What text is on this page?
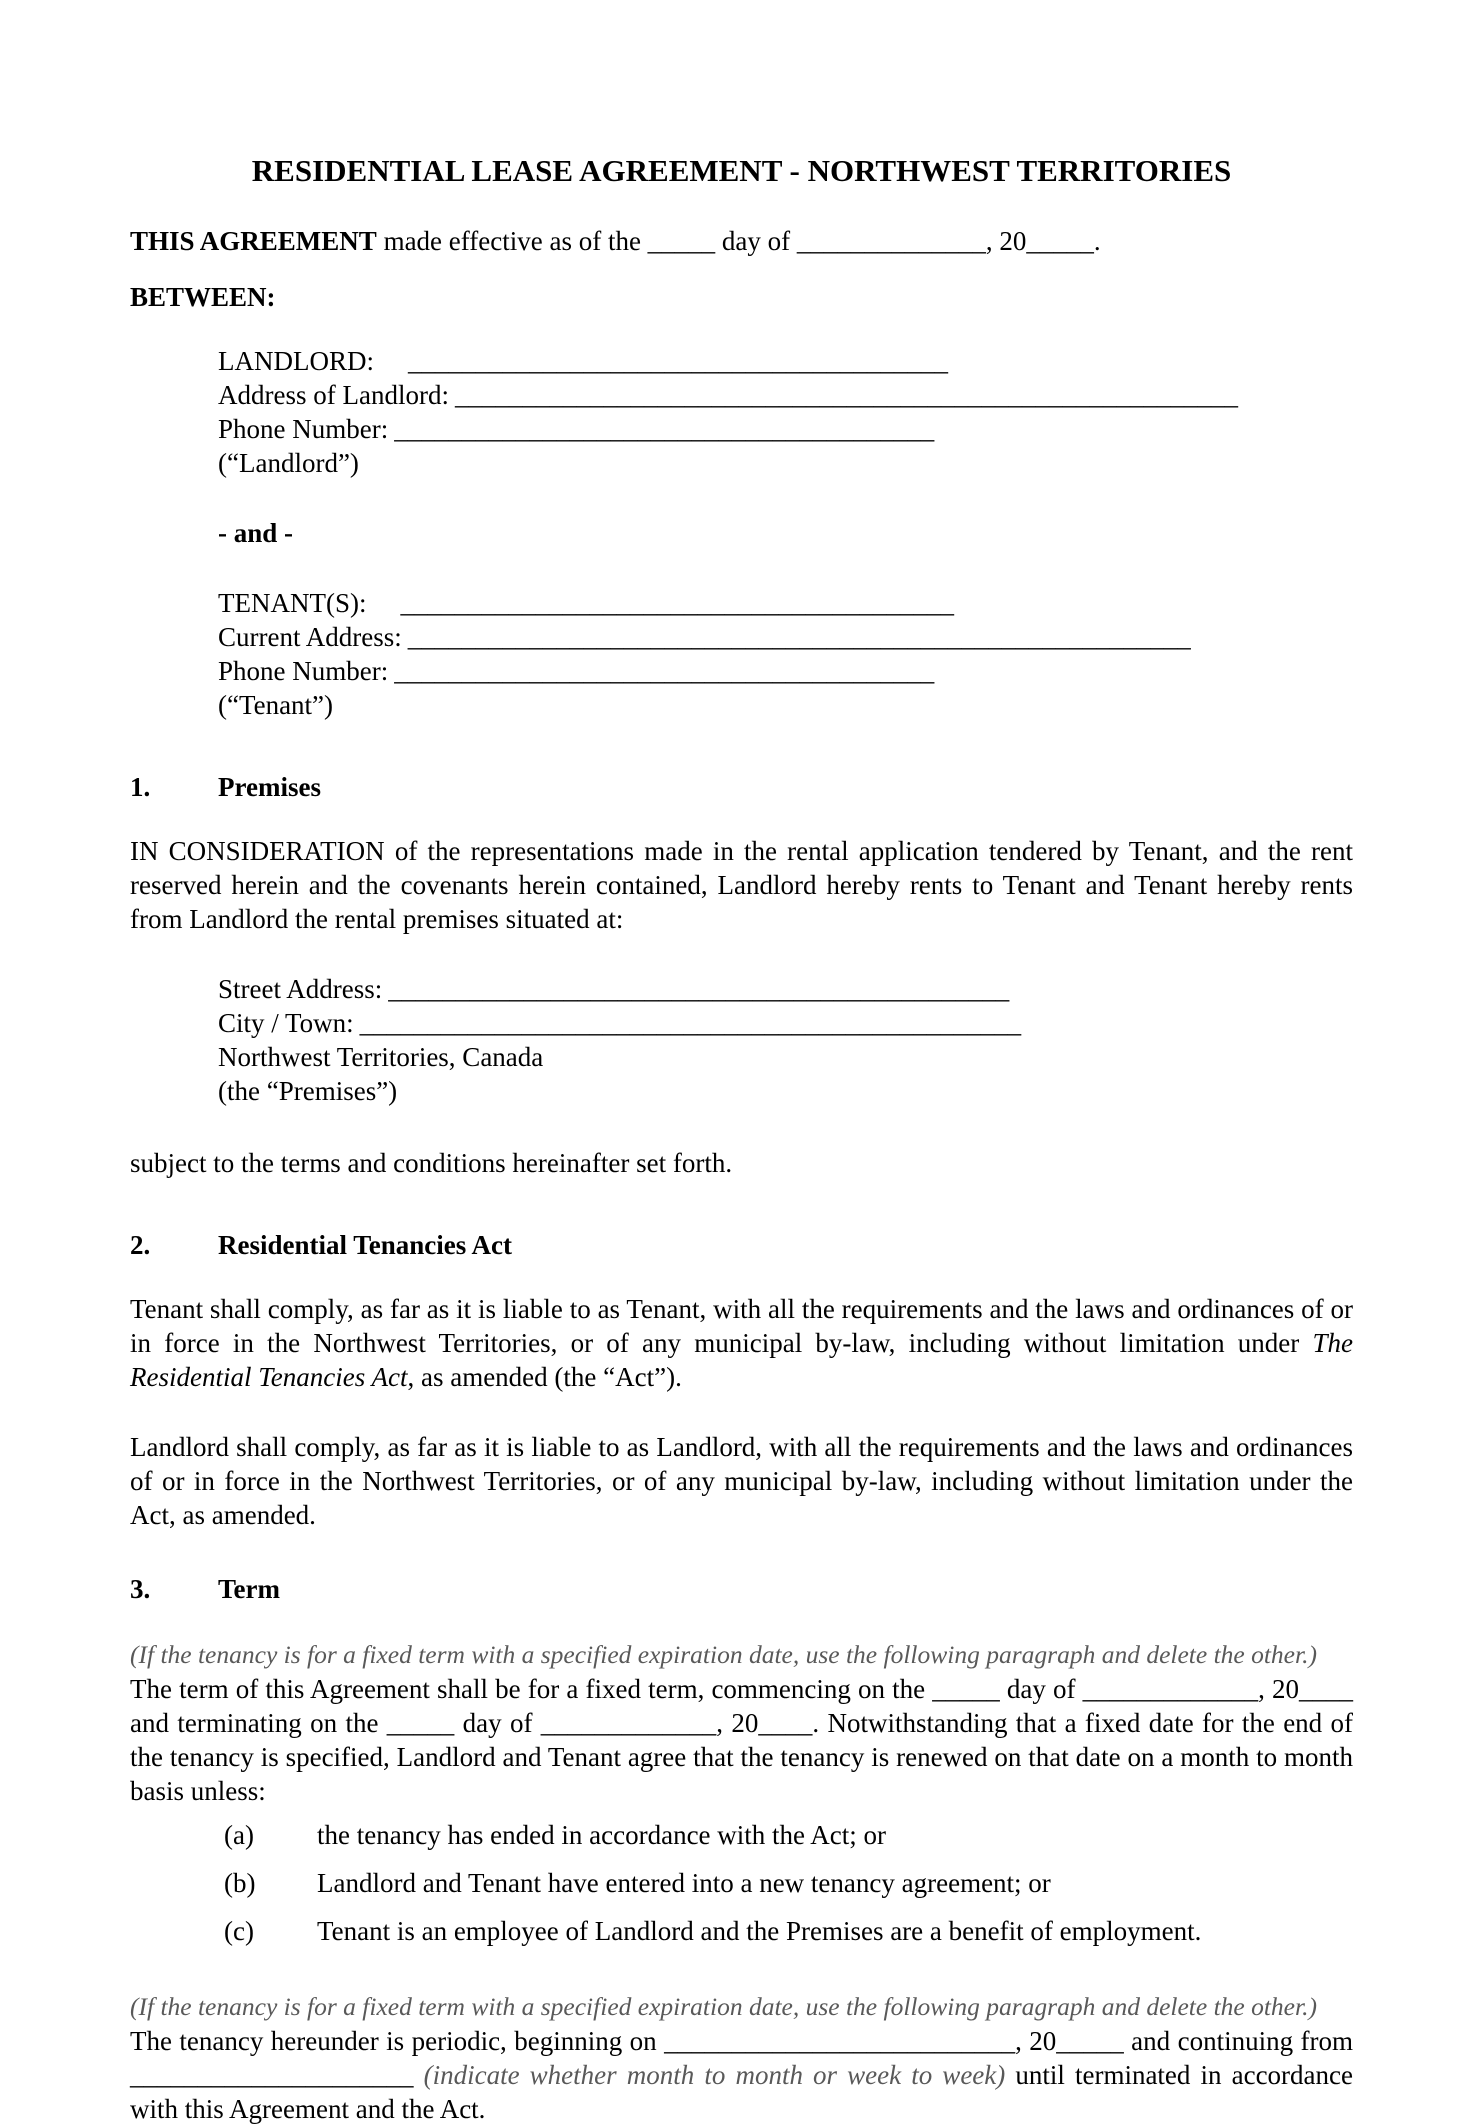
RESIDENTIAL LEASE AGREEMENT - NORTHWEST TERRITORIES
THIS AGREEMENT made effective as of the _____ day of ______________, 20_____.
BETWEEN:
LANDLORD: ________________________________________
Address of Landlord: __________________________________________________________
Phone Number: ________________________________________
(“Landlord”)
- and -
TENANT(S): _________________________________________
Current Address: __________________________________________________________
Phone Number: ________________________________________
(“Tenant”)
1.	Premises
IN CONSIDERATION of the representations made in the rental application tendered by Tenant, and the rent reserved herein and the covenants herein contained, Landlord hereby rents to Tenant and Tenant hereby rents from Landlord the rental premises situated at:
Street Address: ______________________________________________
City / Town: _________________________________________________
Northwest Territories, Canada
(the “Premises”)
subject to the terms and conditions hereinafter set forth.
2.	Residential Tenancies Act
Tenant shall comply, as far as it is liable to as Tenant, with all the requirements and the laws and ordinances of or in force in the Northwest Territories, or of any municipal by-law, including without limitation under The Residential Tenancies Act, as amended (the “Act”).
Landlord shall comply, as far as it is liable to as Landlord, with all the requirements and the laws and ordinances of or in force in the Northwest Territories, or of any municipal by-law, including without limitation under the Act, as amended.
3.	Term
(If the tenancy is for a fixed term with a specified expiration date, use the following paragraph and delete the other.)
The term of this Agreement shall be for a fixed term, commencing on the _____ day of _____________, 20____ and terminating on the _____ day of _____________, 20____. Notwithstanding that a fixed date for the end of the tenancy is specified, Landlord and Tenant agree that the tenancy is renewed on that date on a month to month basis unless:
(a) the tenancy has ended in accordance with the Act; or
(b) Landlord and Tenant have entered into a new tenancy agreement; or
(c) Tenant is an employee of Landlord and the Premises are a benefit of employment.
(If the tenancy is for a fixed term with a specified expiration date, use the following paragraph and delete the other.)
The tenancy hereunder is periodic, beginning on __________________________, 20_____ and continuing from _____________________ (indicate whether month to month or week to week) until terminated in accordance with this Agreement and the Act.
